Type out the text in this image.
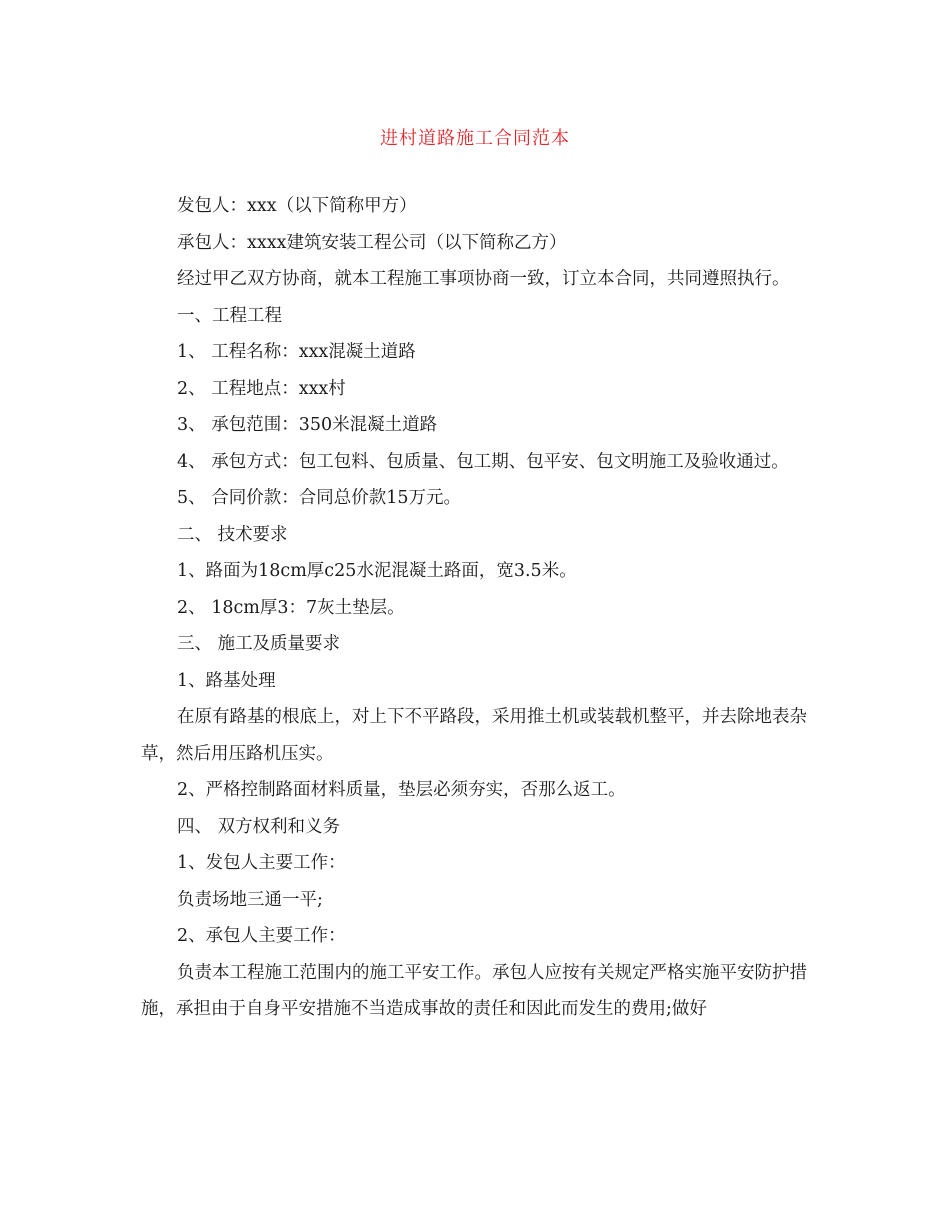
进村道路施工合同范本

发包人：xxx（以下简称甲方）

承包人：xxxx建筑安装工程公司（以下简称乙方）

经过甲乙双方协商，就本工程施工事项协商一致，订立本合同，共同遵照执行。

一、工程工程

1、 工程名称：xxx混凝土道路

2、 工程地点：xxx村

3、 承包范围：350米混凝土道路

4、 承包方式：包工包料、包质量、包工期、包平安、包文明施工及验收通过。

5、 合同价款：合同总价款15万元。

二、 技术要求

1、路面为18cm厚c25水泥混凝土路面，宽3.5米。

2、 18cm厚3：7灰土垫层。

三、 施工及质量要求

1、路基处理

在原有路基的根底上，对上下不平路段，采用推土机或装载机整平，并去除地表杂草，然后用压路机压实。

2、严格控制路面材料质量，垫层必须夯实，否那么返工。

四、 双方权利和义务

1、发包人主要工作：

负责场地三通一平;

2、承包人主要工作：

负责本工程施工范围内的施工平安工作。承包人应按有关规定严格实施平安防护措施，承担由于自身平安措施不当造成事故的责任和因此而发生的费用;做好
